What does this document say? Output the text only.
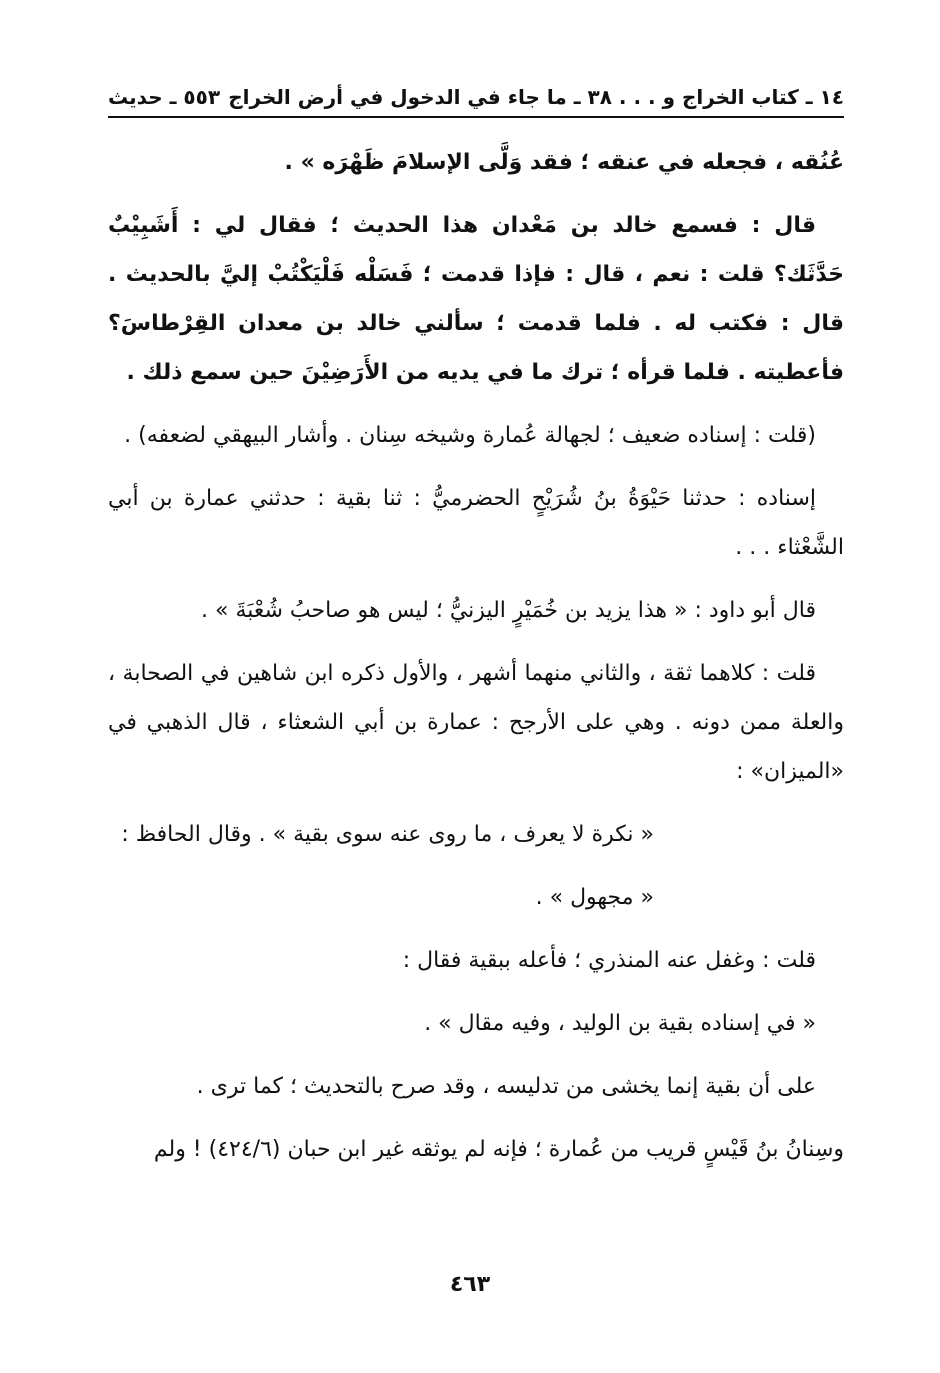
١٤ ـ كتاب الخراج و . . . ٣٨ ـ ما جاء في الدخول في أرض الخراج
٥٥٣ ـ حديث

عُنُقه ، فجعله في عنقه ؛ فقد وَلَّى الإسلامَ ظَهْرَه » .

قال : فسمع خالد بن مَعْدان هذا الحديث ؛ فقال لي : أَشَبِيْبٌ حَدَّثَك؟ قلت : نعم ، قال : فإذا قدمت ؛ فَسَلْه فَلْيَكْتُبْ إليَّ بالحديث . قال : فكتب له . فلما قدمت ؛ سألني خالد بن معدان القِرْطاسَ؟ فأعطيته . فلما قرأه ؛ ترك ما في يديه من الأَرَضِيْنَ حين سمع ذلك .

(قلت : إسناده ضعيف ؛ لجهالة عُمارة وشيخه سِنان . وأشار البيهقي لضعفه) .

إسناده : حدثنا حَيْوَةُ بنُ شُرَيْحٍ الحضرميُّ : ثنا بقية : حدثني عمارة بن أبي الشَّعْثاء . . .

قال أبو داود : « هذا يزيد بن خُمَيْرٍ اليزنيُّ ؛ ليس هو صاحبُ شُعْبَةَ » .

قلت : كلاهما ثقة ، والثاني منهما أشهر ، والأول ذكره ابن شاهين في الصحابة ، والعلة ممن دونه . وهي على الأرجح : عمارة بن أبي الشعثاء ، قال الذهبي في «الميزان» :

« نكرة لا يعرف ، ما روى عنه سوى بقية » . وقال الحافظ :

« مجهول » .

قلت : وغفل عنه المنذري ؛ فأعله ببقية فقال :

« في إسناده بقية بن الوليد ، وفيه مقال » .

على أن بقية إنما يخشى من تدليسه ، وقد صرح بالتحديث ؛ كما ترى .

وسِنانُ بنُ قَيْسٍ قريب من عُمارة ؛ فإنه لم يوثقه غير ابن حبان (٤٢٤/٦) ! ولم

٤٦٣
